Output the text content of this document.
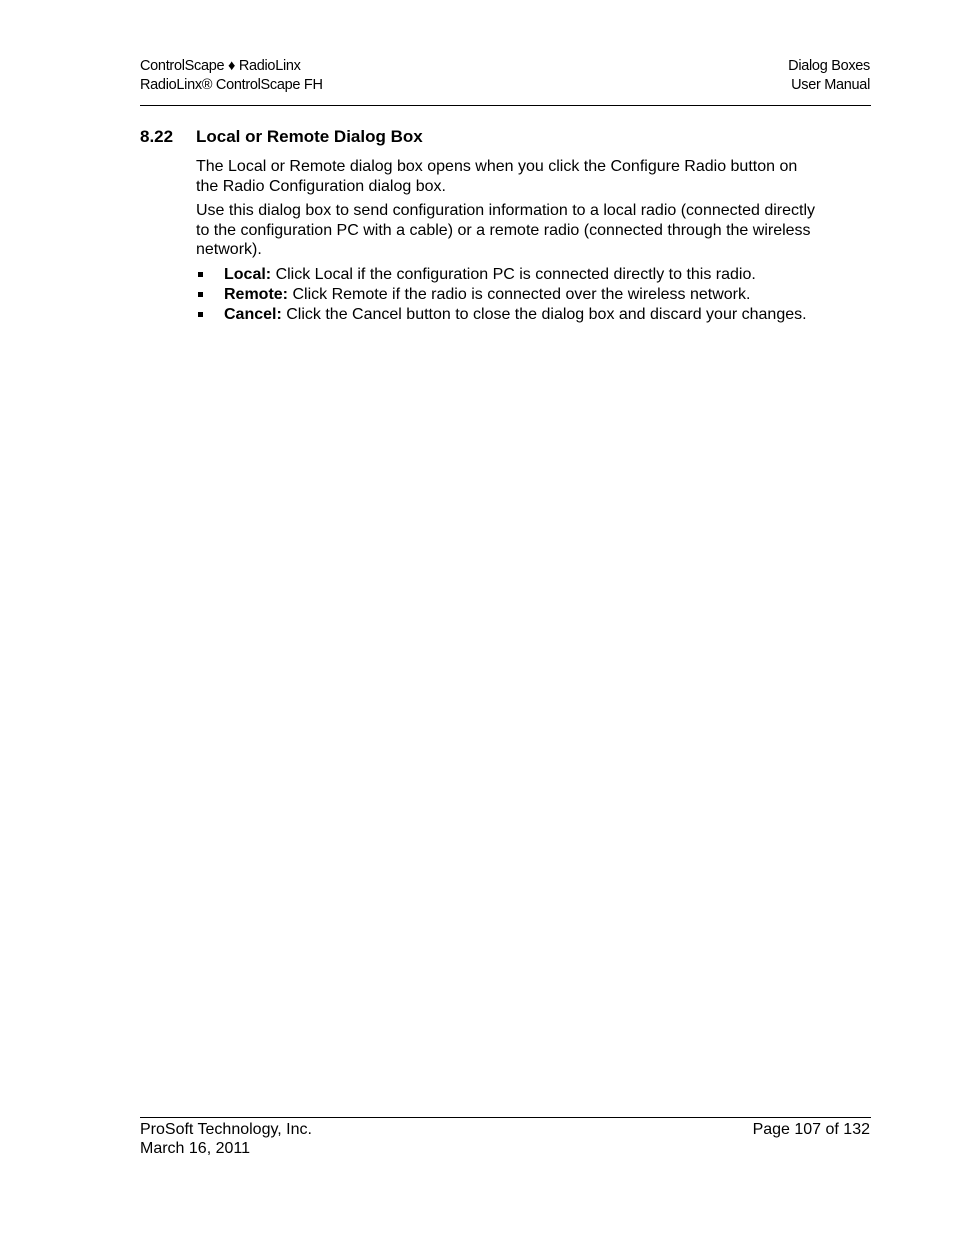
ControlScape ♦ RadioLinx	Dialog Boxes
RadioLinx® ControlScape FH	User Manual
8.22 Local or Remote Dialog Box

The Local or Remote dialog box opens when you click the Configure Radio button on the Radio Configuration dialog box.

Use this dialog box to send configuration information to a local radio (connected directly to the configuration PC with a cable) or a remote radio (connected through the wireless network).

Local: Click Local if the configuration PC is connected directly to this radio.
Remote: Click Remote if the radio is connected over the wireless network.
Cancel: Click the Cancel button to close the dialog box and discard your changes.
ProSoft Technology, Inc.	Page 107 of 132
March 16, 2011
